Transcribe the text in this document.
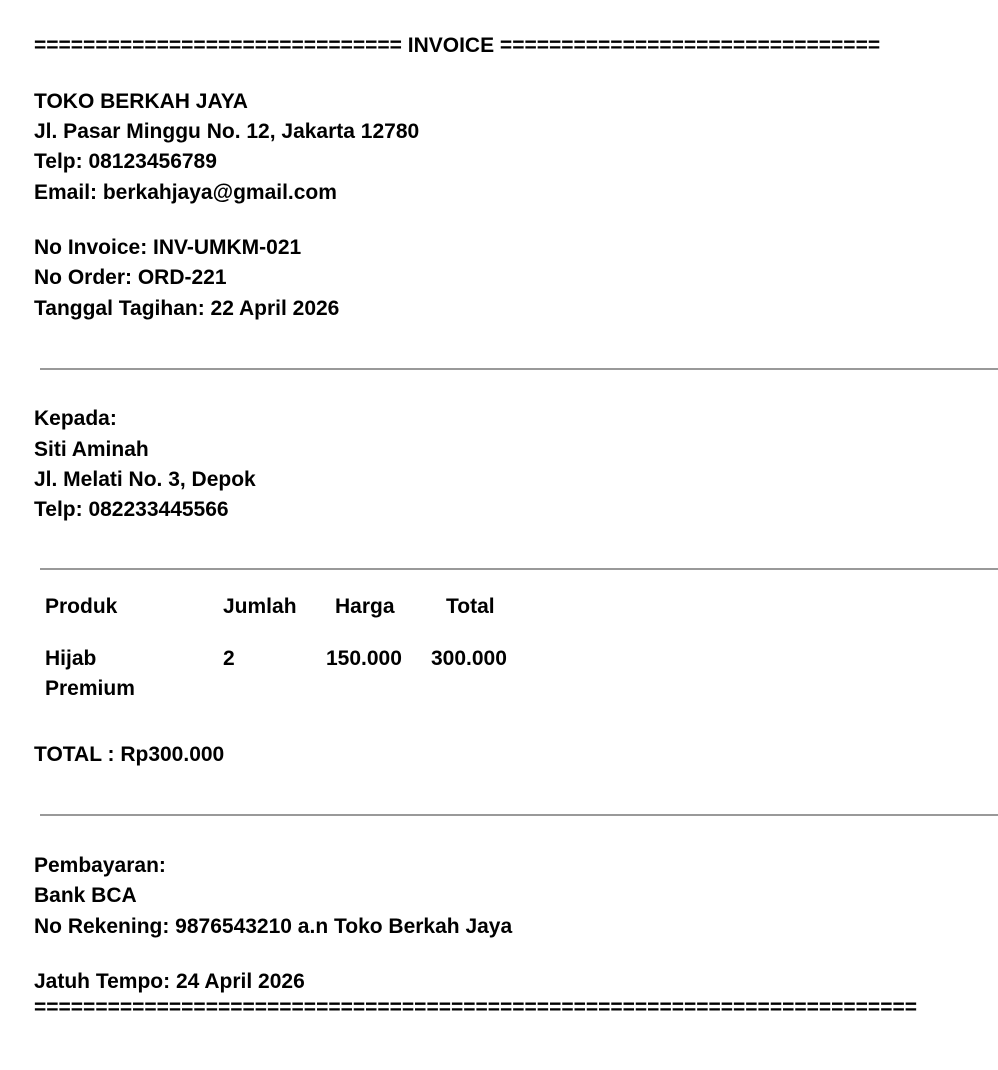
============================== INVOICE ===============================
TOKO BERKAH JAYA
Jl. Pasar Minggu No. 12, Jakarta 12780
Telp: 08123456789
Email: berkahjaya@gmail.com
No Invoice: INV-UMKM-021
No Order: ORD-221
Tanggal Tagihan: 22 April 2026
Kepada:
Siti Aminah
Jl. Melati No. 3, Depok
Telp: 082233445566
Produk	Jumlah Harga Total
Hijab
Premium
2	150.000 300.000
TOTAL : Rp300.000
Pembayaran:
Bank BCA
No Rekening: 9876543210 a.n Toko Berkah Jaya
Jatuh Tempo: 24 April 2026
========================================================================
